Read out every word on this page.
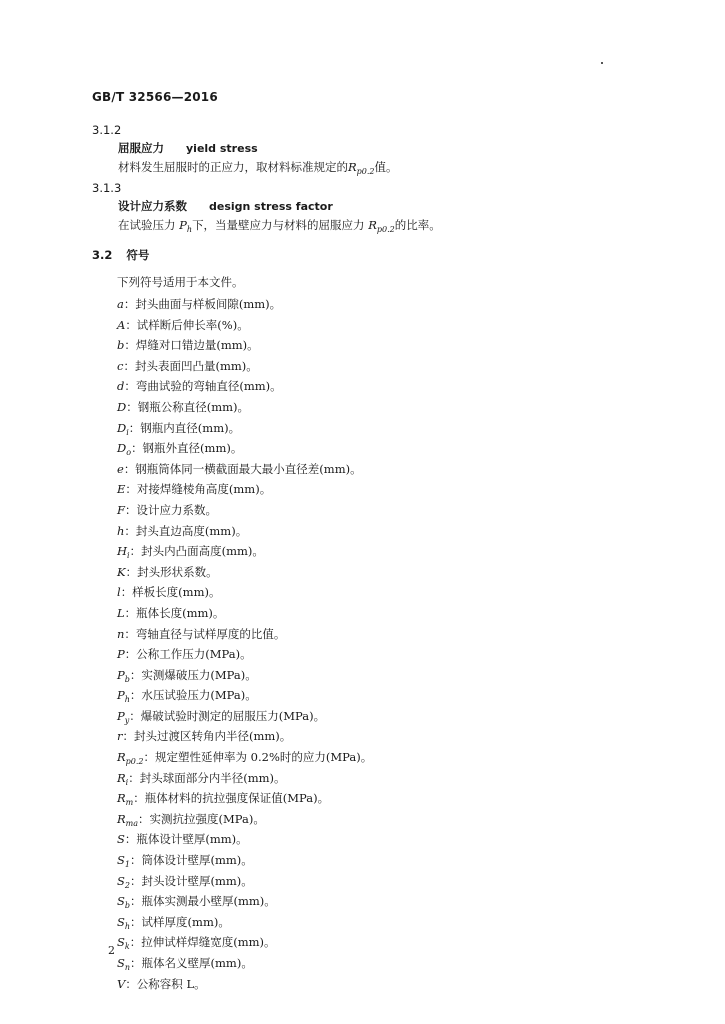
GB/T 32566—2016
3.1.2
屈服应力 yield stress
材料发生屈服时的正应力，取材料标准规定的$R_{p0.2}$值。
3.1.3
设计应力系数 design stress factor
在试验压力 $P_h$下，当量壁应力与材料的屈服应力 $R_{p0.2}$的比率。
3.2 符号
下列符号适用于本文件。
a：封头曲面与样板间隙(mm)。
A：试样断后伸长率(%)。
b：焊缝对口错边量(mm)。
c：封头表面凹凸量(mm)。
d：弯曲试验的弯轴直径(mm)。
D：钢瓶公称直径(mm)。
$D_i$：钢瓶内直径(mm)。
$D_o$：钢瓶外直径(mm)。
e：钢瓶筒体同一横截面最大最小直径差(mm)。
E：对接焊缝棱角高度(mm)。
F：设计应力系数。
h：封头直边高度(mm)。
$H_i$：封头内凸面高度(mm)。
K：封头形状系数。
l：样板长度(mm)。
L：瓶体长度(mm)。
n：弯轴直径与试样厚度的比值。
P：公称工作压力(MPa)。
$P_b$：实测爆破压力(MPa)。
$P_h$：水压试验压力(MPa)。
$P_y$：爆破试验时测定的屈服压力(MPa)。
r：封头过渡区转角内半径(mm)。
$R_{p0.2}$：规定塑性延伸率为 0.2%时的应力(MPa)。
$R_i$：封头球面部分内半径(mm)。
$R_m$：瓶体材料的抗拉强度保证值(MPa)。
$R_{ma}$：实测抗拉强度(MPa)。
S：瓶体设计壁厚(mm)。
$S_1$：筒体设计壁厚(mm)。
$S_2$：封头设计壁厚(mm)。
$S_b$：瓶体实测最小壁厚(mm)。
$S_h$：试样厚度(mm)。
$S_k$：拉伸试样焊缝宽度(mm)。
$S_n$：瓶体名义壁厚(mm)。
V：公称容积 L。
2
